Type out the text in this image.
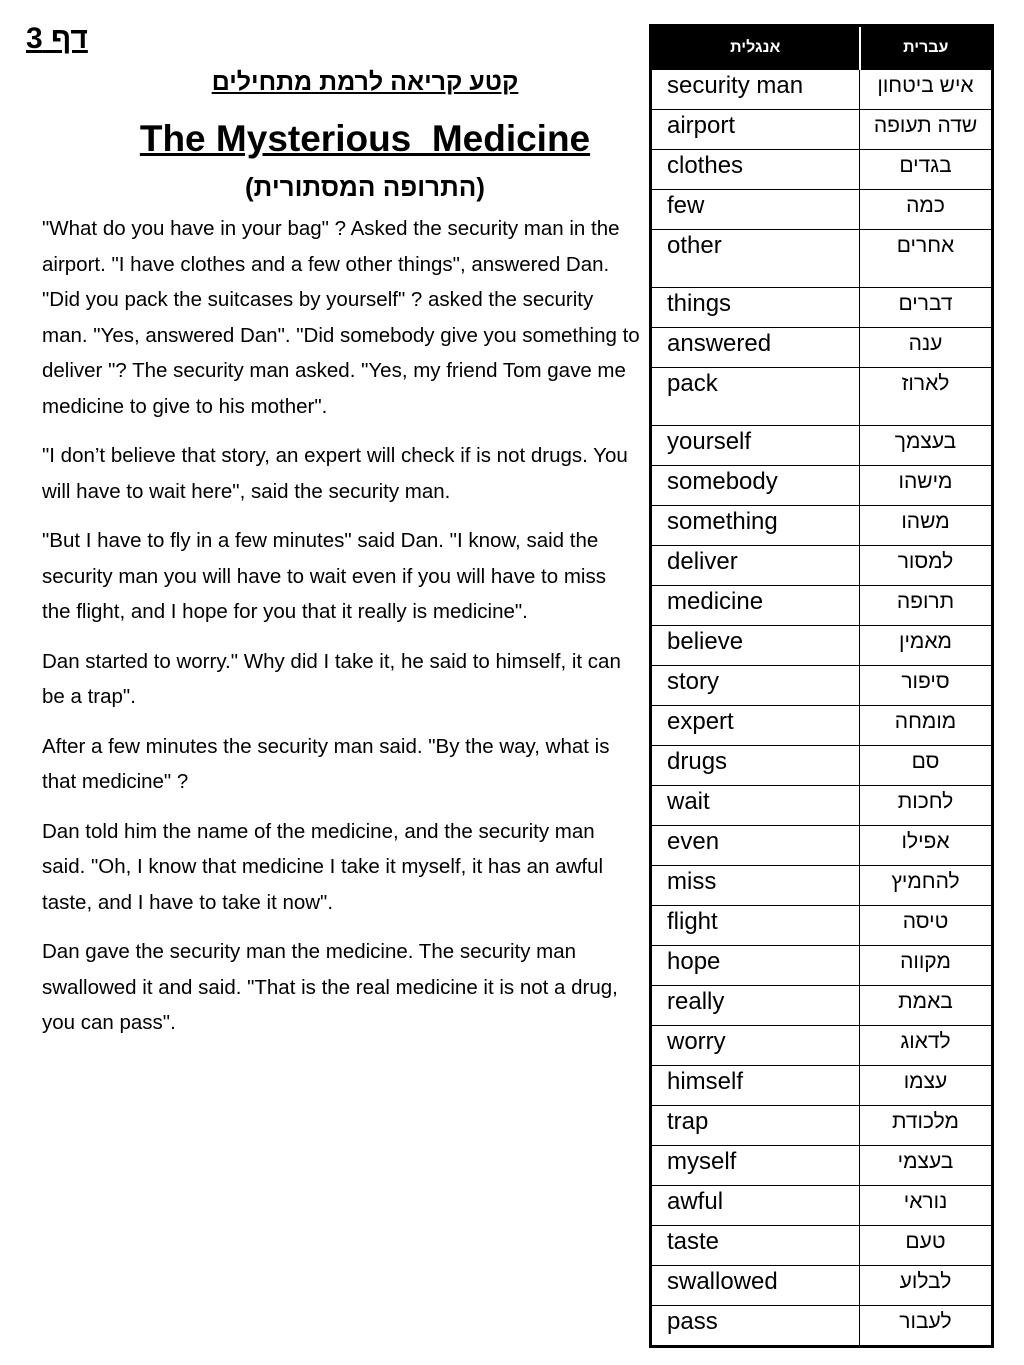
דף 3
קטע קריאה לרמת מתחילים
The Mysterious  Medicine
(התרופה המסתורית)

"What do you have in your bag" ? Asked the security man in the airport. "I have clothes and a few other things", answered Dan. "Did you pack the suitcases by yourself" ? asked the security man. "Yes, answered Dan". "Did somebody give you something to deliver "? The security man asked. "Yes, my friend Tom gave me medicine to give to his mother".

"I don’t believe that story, an expert will check if is not drugs. You will have to wait here", said the security man.

"But I have to fly in a few minutes" said Dan. "I know, said the security man you will have to wait even if you will have to miss the flight, and I hope for you that it really is medicine".

Dan started to worry." Why did I take it, he said to himself, it can be a trap".

After a few minutes the security man said. "By the way, what is that medicine" ?

Dan told him the name of the medicine, and the security man said. "Oh, I know that medicine I take it myself, it has an awful taste, and I have to take it now".

Dan gave the security man the medicine. The security man swallowed it and said. "That is the real medicine it is not a drug, you can pass".

אנגלית	עברית
security man	איש ביטחון
airport	שדה תעופה
clothes	בגדים
few	כמה
other	אחרים
things	דברים
answered	ענה
pack	לארוז
yourself	בעצמך
somebody	מישהו
something	משהו
deliver	למסור
medicine	תרופה
believe	מאמין
story	סיפור
expert	מומחה
drugs	סם
wait	לחכות
even	אפילו
miss	להחמיץ
flight	טיסה
hope	מקווה
really	באמת
worry	לדאוג
himself	עצמו
trap	מלכודת
myself	בעצמי
awful	נוראי
taste	טעם
swallowed	לבלוע
pass	לעבור
